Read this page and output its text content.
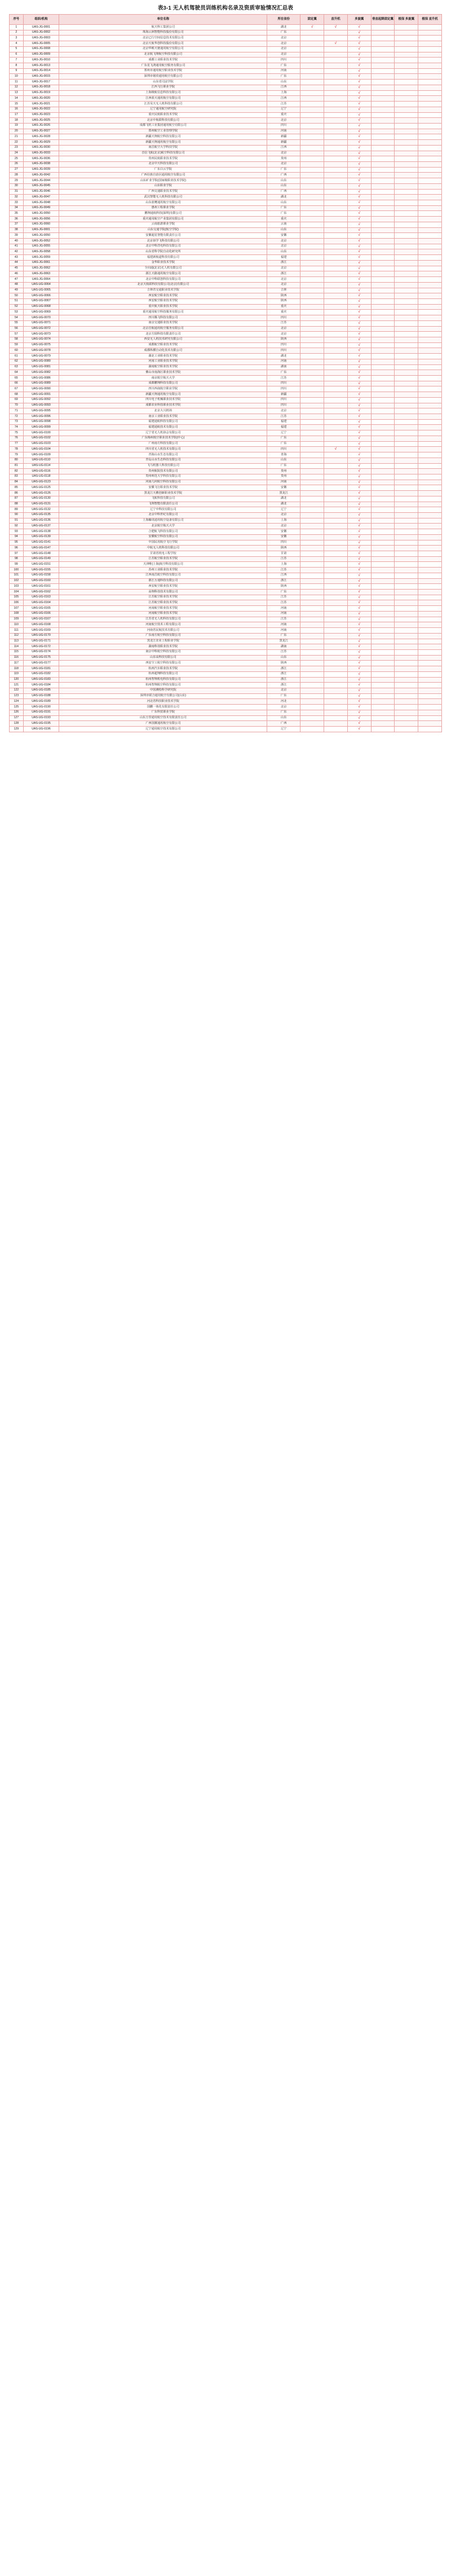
表3-1 无人机驾驶员训练机构名录及资质审验情况汇总表
序号	组织/机构	单位名称	所在省份	固定翼	直升机	多旋翼	垂直起降固定翼	植保 多旋翼	植保 直升机
1	UAS-JG-0001	航天科工集团公司	湖北	√	√	√			
2	UAS-JG-0002	珠海云洲智能科技股份有限公司	广东			√			
3	UAS-JG-0003	北京已行空间信息技术有限公司	北京			√			
4	UAS-JG-0005	北京天航华创科技股份有限公司	北京		√	√			
5	UAS-JG-0008	北京华彬天驰通用航空有限公司	北京			√			
6	UAS-JG-0009	北京航飞翔航空科技有限公司	北京			√			
7	UAS-JG-0010	成都工业职业技术学院	四川			√			
8	UAS-JG-0013	广东星飞鸿通用航空服务有限公司	广东			√			
9	UAS-JG-0014	郑州市通用航空职业技术学院	河南			√			
10	UAS-JG-0015	深圳市铭玖通用航空有限公司	广东			√			
11	UAS-JG-0017	山东省司法学院	山东			√			
12	UAS-JG-0018	江西飞行职业学院	江西			√			
13	UAS-JG-0019	上海极航信息科技有限公司	上海			√			
14	UAS-JG-0020	江西蓝天通用航空有限公司	江西			√			
15	UAS-JG-0021	江苏昊天无人机科技有限公司	江苏			√			
16	UAS-JG-0022	辽宁通用航空研究院	辽宁			√			
17	UAS-JG-0023	重庆民航职业技术学院	重庆			√			
18	UAS-JG-0025	北京中航联科技有限公司	北京			√			
19	UAS-JG-0026	成都飞机工业集团通用航空有限公司	四川			√			
20	UAS-JG-0027	郑州航空工业管理学院	河南			√			
21	UAS-JG-0028	新疆天翔航空科技有限公司	新疆			√			
22	UAS-JG-0029	新疆天翔通用航空有限公司	新疆			√			
23	UAS-JG-0030	南昌航空大学科技学院	江西			√			
24	UAS-JG-0033	首信飞航(北京)航空科技有限公司	北京			√			
25	UAS-JG-0036	贵州民航职业技术学院	贵州			√			
26	UAS-JG-0038	北京中天科技有限公司	北京			√			
27	UAS-JG-0039	广东白云学院	广东			√			
28	UAS-JG-0042	广西壮族自治区通用航空有限公司	广西			√			
29	UAS-JG-0044	山东矿业学院(国家级职业技术学院)	山东			√			
30	UAS-JG-0045	山东职业学院	山东			√			
31	UAS-JG-0046	广西交通职业技术学院	广西			√			
32	UAS-JG-0047	武汉智能无人机科技有限公司	湖北			√			
33	UAS-JG-0048	山东蓝鹰通用航空有限公司	山东			√			
34	UAS-JG-0049	惠州工程职业学院	广东			√			
35	UAS-JG-0050	鹏翔通航科技(深圳)有限公司	广东			√			
36	UAS-JG-0056	重庆通用航空产业集团有限公司	重庆			√			
37	UAS-JG-0060	云南旅游职业学院	云南			√			
38	UAS-JG-0001	山东交通学院(航空学院)	山东			√			
39	UAS-JG-0050	安徽超星智能有限责任公司	安徽			√			
40	UAS-JG-0052	北京佰学飞科技有限公司	北京			√			
41	UAS-JG-0055	北京中科浩电科技有限公司	北京			√			
42	UAS-JG-0058	山东省科学院自动化研究所	山东			√			
43	UAS-JG-0059	福建新航道科技有限公司	福建			√			
44	UAS-JG-0061	金华职业技术学院	浙江			√			
45	UAS-JG-0062	全向通(北京)无人机有限公司	北京			√			
46	UAS-JG-0063	浙江天路通用航空有限公司	浙江			√			
47	UAS-JG-0064	北京中科联创科技有限公司	北京			√			
48	UAS-UG-0064	北京天航联科技有限公司(北京)有限公司	北京			√			
49	UAS-UG-0065	吉林省交通职业技术学院	吉林			√			
50	UAS-UG-0066	西安航空职业技术学院	陕西			√			
51	UAS-UG-0067	西安航空职业技术学院	陕西			√			
52	UAS-UG-0068	重庆航天职业技术学院	重庆			√			
53	UAS-UG-0069	重庆通用航空科技服务有限公司	重庆			√			
54	UAS-UG-0070	四川腾飞科技有限公司	四川			√			
55	UAS-UG-0071	南京交通职业技术学院	江苏			√			
56	UAS-UG-0072	北京首航通用航空服务有限公司	北京			√			
57	UAS-UG-0073	北京方圆科技有限责任公司	北京			√			
58	UAS-UG-0074	西安无人机技术研究有限公司	陕西			√			
59	UAS-UG-0075	成都航空职业技术学院	四川			√			
60	UAS-UG-0078	成都纵横自动化技术有限公司	四川			√			
61	UAS-UG-0079	湖北工业职业技术学院	湖北			√			
62	UAS-UG-0080	河南工业职业技术学院	河南			√			
63	UAS-UG-0081	湖南航空职业技术学院	湖南			√			
64	UAS-UG-0082	佛山市南海区职业技术学院	广东			√			
65	UAS-UG-0086	南京航空航天大学	江苏			√			
66	UAS-UG-0089	成都鹏翔科技有限公司	四川			√			
67	UAS-UG-0090	四川西南航空职业学院	四川			√			
68	UAS-UG-0091	新疆天翔通用航空有限公司	新疆			√			
69	UAS-UG-0092	四川电子机械职业技术学院	四川			√			
70	UAS-UG-0093	成都农业科技职业技术学院	四川			√			
71	UAS-UG-0095	北京大兴机场	北京			√			
72	UAS-UG-0096	南京工业职业技术学院	江苏			√			
73	UAS-UG-0098	福建通航科技有限公司	福建			√			
74	UAS-UG-0099	福建通航技术有限公司	福建			√			
75	UAS-UG-0100	辽宁省无人机协会有限公司	辽宁			√			
76	UAS-UG-0102	广东梅州航空职业技术学院(中心)	广东			√			
77	UAS-UG-0103	广州南方科技有限公司	广东			√			
78	UAS-UG-0104	四川省无人机技术有限公司	四川		√	√			
79	UAS-UG-0109	青海山水生态有限公司	青海			√			
80	UAS-UG-0110	青岛山水生态科技有限公司	山东			√			
81	UAS-UG-0114	飞马机器人科技有限公司	广东			√			
82	UAS-UG-0116	贵州航院技术有限公司	贵州			√			
83	UAS-UG-0118	贵州师范大学科技有限公司	贵州			√			
84	UAS-UG-0123	河南几何航空科技有限公司	河南			√			
85	UAS-UG-0125	安徽飞行职业技术学院	安徽			√			
86	UAS-UG-0126	黑龙江天鹅创新职业技术学院	黑龙江			√			
87	UAS-UG-0130	飞航科技有限公司	湖北			√			
88	UAS-UG-0131	飞翔智能有限责任公司	湖北			√			
89	UAS-UG-0132	辽宁中科技有限公司	辽宁			√			
90	UAS-UG-0135	北京中科世纪有限公司	北京			√			
91	UAS-UG-0136	上海瀚讯通用航空设备有限公司	上海			√			
92	UAS-UG-0137	北京航空航天大学	北京			√			
93	UAS-UG-0138	合肥航飞科技有限公司	安徽			√			
94	UAS-UG-0139	安徽航空科技有限公司	安徽			√			
95	UAS-UG-0141	中国民用航空飞行学院	四川			√			
96	UAS-UG-0147	中航无人机科技有限公司	陕西			√			
97	UAS-UG-0148	甘肃省机电工程学校	甘肃			√			
98	UAS-UG-0149	江苏航空职业技术学院	江苏			√			
99	UAS-UG-0151	天津唯(上海)航空科技有限公司	上海			√			
100	UAS-UG-0155	苏州工业职业技术学院	江苏			√			
101	UAS-UG-0158	江西南昌航空科技有限公司	江西			√			
102	UAS-UG-0160	浙江万通科技有限公司	浙江			√			
103	UAS-UG-0161	西安航空职业技术学院	陕西			√			
104	UAS-UG-0162	高翔科技技术有限公司	广东			√			
105	UAS-UG-0163	江苏航空职业技术学院	江苏			√			
106	UAS-UG-0164	江苏航空职业技术学院	江苏			√			
107	UAS-UG-0165	河南航空职业技术学院	河南			√			
108	UAS-UG-0166	河南航空职业技术学院	河南			√			
109	UAS-UG-0167	江苏省无人机科技有限公司	江苏			√			
110	UAS-UG-0168	河南航空技术工程有限公司	河南			√			
111	UAS-UG-0169	河南省民航技术有限公司	河南			√			
112	UAS-UG-0170	广东南方航空科技有限公司	广东			√			
113	UAS-UG-0171	黑龙江农业工程职业学院	黑龙江			√			
114	UAS-UG-0172	湖南科技职业技术学院	湖南			√			
115	UAS-UG-0174	南京中科航空科技有限公司	江苏			√			
116	UAS-UG-0175	山东高科技有限公司	山东			√			
117	UAS-UG-0177	西安空工航空科技有限公司	陕西			√			
118	UAS-UG-0181	杭州汽车职业技术学院	浙江			√			
119	UAS-UG-0182	杭州超翔科技有限公司	浙江			√			
120	UAS-UG-0183	杭州智翔机电科技有限公司	浙江			√			
121	UAS-UG-0184	杭州智翔航空科技有限公司	浙江			√			
122	UAS-UG-0185	中国测绘科学研究院	北京			√			
123	UAS-UG-0188	深圳市联合通用航空有限公司(山东)	广东			√			
124	UAS-UG-0189	河北省科技职业技术学院	河北			√			
125	UAS-UG-0190	国鹏一体化有限责任公司	北京			√			
126	UAS-UG-0191	广东科贸职业学院	广东			√			
127	UAS-UG-0193	山东万里通用航空技术有限责任公司	山东			√			
128	UAS-UG-0195	广西国翼通用航空有限公司	广西			√			
129	UAS-UG-0196	辽宁通用航空技术有限公司	辽宁			√			
